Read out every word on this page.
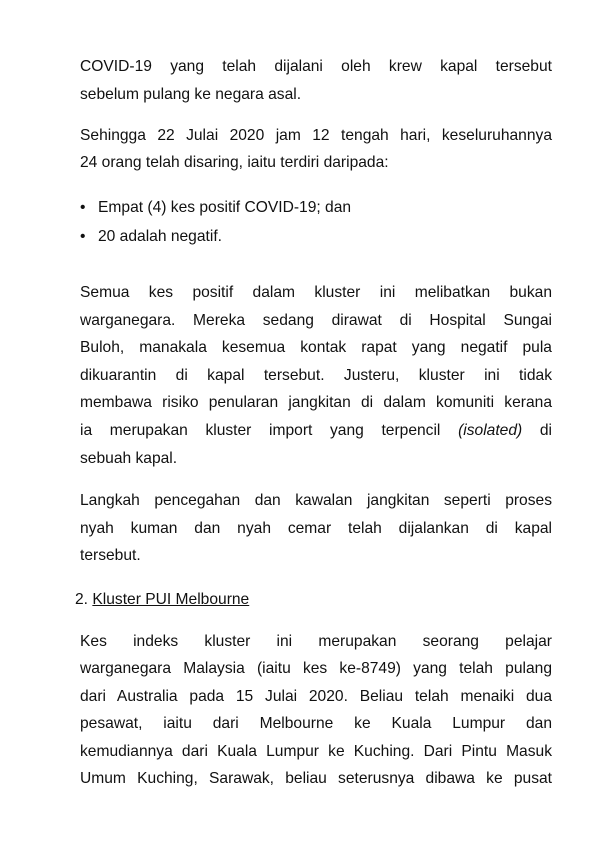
COVID-19 yang telah dijalani oleh krew kapal tersebut
sebelum pulang ke negara asal.
Sehingga 22 Julai 2020 jam 12 tengah hari, keseluruhannya
24 orang telah disaring, iaitu terdiri daripada:
• Empat (4) kes positif COVID-19; dan
• 20 adalah negatif.
Semua kes positif dalam kluster ini melibatkan bukan
warganegara. Mereka sedang dirawat di Hospital Sungai
Buloh, manakala kesemua kontak rapat yang negatif pula
dikuarantin di kapal tersebut. Justeru, kluster ini tidak
membawa risiko penularan jangkitan di dalam komuniti kerana
ia merupakan kluster import yang terpencil (isolated) di
sebuah kapal.
Langkah pencegahan dan kawalan jangkitan seperti proses
nyah kuman dan nyah cemar telah dijalankan di kapal
tersebut.
2. Kluster PUI Melbourne
Kes indeks kluster ini merupakan seorang pelajar
warganegara Malaysia (iaitu kes ke-8749) yang telah pulang
dari Australia pada 15 Julai 2020. Beliau telah menaiki dua
pesawat, iaitu dari Melbourne ke Kuala Lumpur dan
kemudiannya dari Kuala Lumpur ke Kuching. Dari Pintu Masuk
Umum Kuching, Sarawak, beliau seterusnya dibawa ke pusat
